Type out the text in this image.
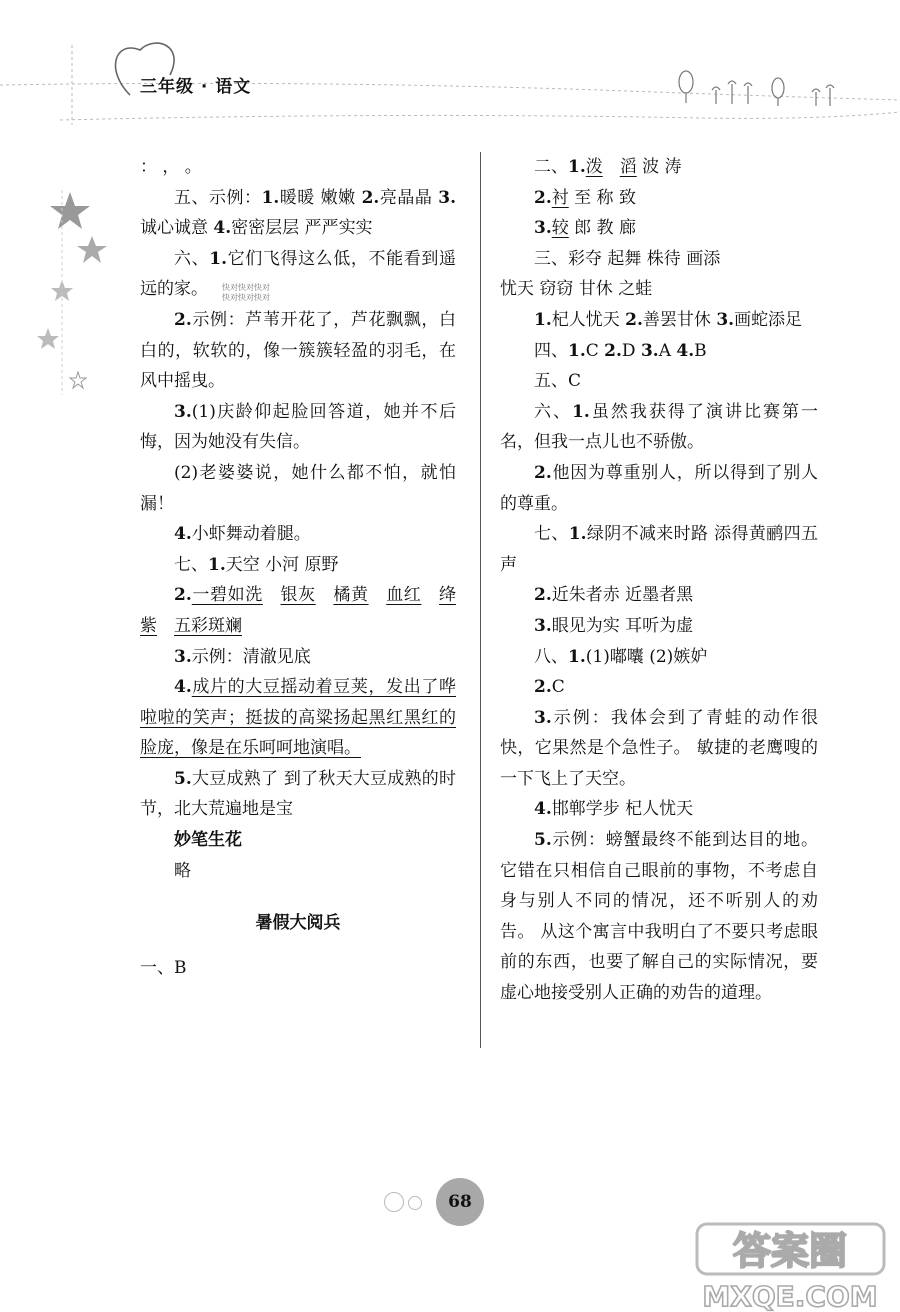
三年级 · 语文
快对快对快对
快对快对快对

： ， 。

五、示例：1.暖暖 嫩嫩 2.亮晶晶 3.诚心诚意 4.密密层层 严严实实

六、1.它们飞得这么低，不能看到遥远的家。

2.示例：芦苇开花了，芦花飘飘，白白的，软软的，像一簇簇轻盈的羽毛，在风中摇曳。

3.(1)庆龄仰起脸回答道，她并不后悔，因为她没有失信。

(2)老婆婆说，她什么都不怕，就怕漏！

4.小虾舞动着腿。

七、1.天空 小河 原野

2.一碧如洗　 银灰　 橘黄　 血红　 绛紫　 五彩斑斓

3.示例：清澈见底

4.成片的大豆摇动着豆荚，发出了哗啦啦的笑声；挺拔的高粱扬起黑红黑红的脸庞，像是在乐呵呵地演唱。

5.大豆成熟了 到了秋天大豆成熟的时节，北大荒遍地是宝

妙笔生花

略

暑假大阅兵

一、B

二、1.泼　 滔 波 涛

2.衬 至 称 致

3.较 郎 教 廊

三、彩夺 起舞 株待 画添

忧天 窃窃 甘休 之蛙

1.杞人忧天 2.善罢甘休 3.画蛇添足

四、1.C 2.D 3.A 4.B

五、C

六、1.虽然我获得了演讲比赛第一名，但我一点儿也不骄傲。

2.他因为尊重别人，所以得到了别人的尊重。

七、1.绿阴不减来时路 添得黄鹂四五声

2.近朱者赤 近墨者黑

3.眼见为实 耳听为虚

八、1.(1)嘟囔 (2)嫉妒

2.C

3.示例：我体会到了青蛙的动作很快，它果然是个急性子。 敏捷的老鹰嗖的一下飞上了天空。

4.邯郸学步 杞人忧天

5.示例：螃蟹最终不能到达目的地。 它错在只相信自己眼前的事物，不考虑自身与别人不同的情况，还不听别人的劝告。 从这个寓言中我明白了不要只考虑眼前的东西，也要了解自己的实际情况，要虚心地接受别人正确的劝告的道理。

68
答案圈
MXQE.COM
